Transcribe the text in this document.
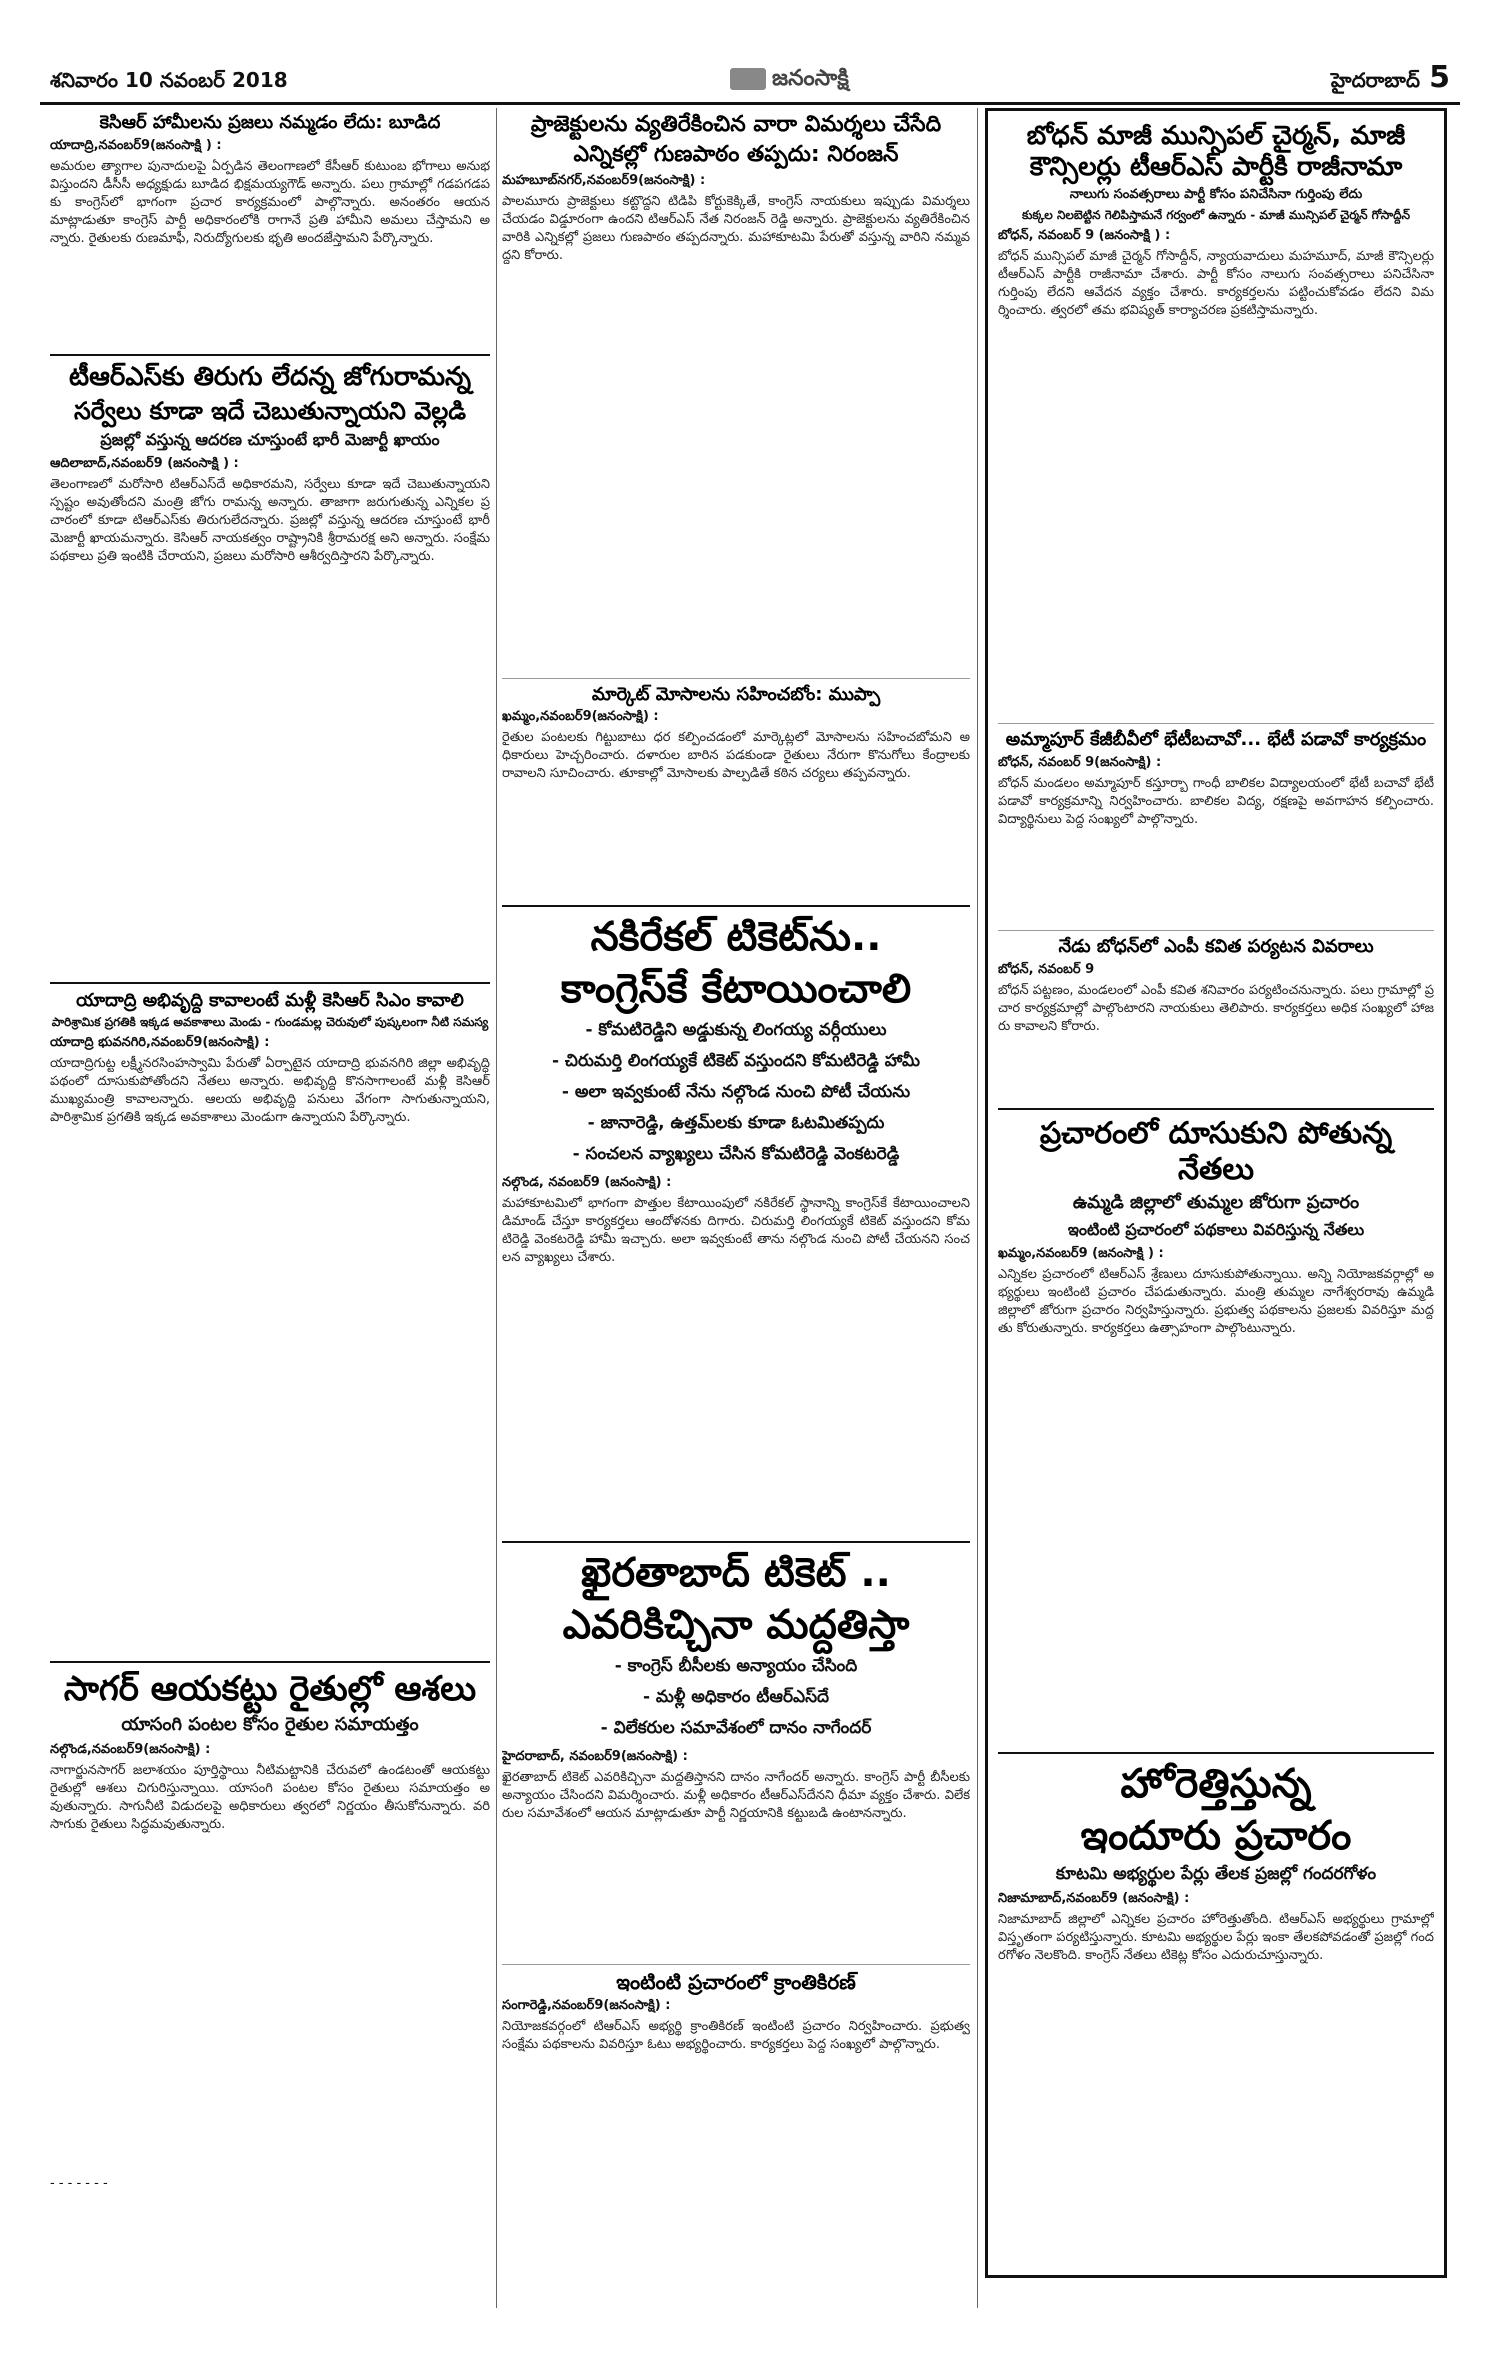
శనివారం 10 నవంబర్ 2018	జనంసాక్షి	హైదరాబాద్ 5
కెసిఆర్ హామీలను ప్రజలు నమ్మడం లేదు: బూడిద
యాదాద్రి,నవంబర్‌9(జనంసాక్షి ) :
అమరుల త్యాగాల పునాదులపై ఏర్పడిన తెలంగాణలో కేసీఆర్ కుటుంబ భోగాలు అనుభవిస్తుందని డీసీసీ అధ్యక్షుడు బూడిద భిక్షమయ్యగౌడ్ అన్నారు. పలు గ్రామాల్లో గడపగడపకు కాంగ్రెస్‌లో భాగంగా ప్రచార కార్యక్రమంలో పాల్గొన్నారు. అనంతరం ఆయన మాట్లాడుతూ కాంగ్రెస్ పార్టీ అధికారంలోకి రాగానే ప్రతి హామీని అమలు చేస్తామని అన్నారు. రైతులకు రుణమాఫీ, నిరుద్యోగులకు భృతి అందజేస్తామని పేర్కొన్నారు.
టీఆర్ఎస్‌కు తిరుగు లేదన్న జోగురామన్న
సర్వేలు కూడా ఇదే చెబుతున్నాయని వెల్లడి
ప్రజల్లో వస్తున్న ఆదరణ చూస్తుంటే భారీ మెజార్టీ ఖాయం
ఆదిలాబాద్,నవంబర్‌9 (జనంసాక్షి ) :
తెలంగాణలో మరోసారి టిఆర్ఎస్‌దే అధికారమని, సర్వేలు కూడా ఇదే చెబుతున్నాయని స్పష్టం అవుతోందని మంత్రి జోగు రామన్న అన్నారు. తాజాగా జరుగుతున్న ఎన్నికల ప్రచారంలో కూడా టిఆర్ఎస్‌కు తిరుగులేదన్నారు. ప్రజల్లో వస్తున్న ఆదరణ చూస్తుంటే భారీ మెజార్టీ ఖాయమన్నారు. కెసిఆర్ నాయకత్వం రాష్ట్రానికి శ్రీరామరక్ష అని అన్నారు. సంక్షేమ పథకాలు ప్రతి ఇంటికి చేరాయని, ప్రజలు మరోసారి ఆశీర్వదిస్తారని పేర్కొన్నారు.
యాదాద్రి అభివృద్ది కావాలంటే మళ్లీ కెసిఆర్ సిఎం కావాలి
పారిశ్రామిక ప్రగతికి ఇక్కడ అవకాశాలు మెండు - గుండమల్ల చెరువులో పుష్కలంగా నీటి సమస్య
యాదాద్రి భువనగిరి,నవంబర్‌9(జనంసాక్షి) :
యాదాద్రిగుట్ట లక్ష్మీనరసింహస్వామి పేరుతో ఏర్పాటైన యాదాద్రి భువనగిరి జిల్లా అభివృద్ధి పథంలో దూసుకుపోతోందని నేతలు అన్నారు. అభివృద్ది కొనసాగాలంటే మళ్లీ కెసిఆర్ ముఖ్యమంత్రి కావాలన్నారు. ఆలయ అభివృద్ది పనులు వేగంగా సాగుతున్నాయని, పారిశ్రామిక ప్రగతికి ఇక్కడ అవకాశాలు మెండుగా ఉన్నాయని పేర్కొన్నారు.
సాగర్ ఆయకట్టు రైతుల్లో ఆశలు
యాసంగి పంటల కోసం రైతుల సమాయత్తం
నల్గొండ,నవంబర్‌9(జనంసాక్షి) :
నాగార్జునసాగర్ జలాశయం పూర్తిస్థాయి నీటిమట్టానికి చేరువలో ఉండటంతో ఆయకట్టు రైతుల్లో ఆశలు చిగురిస్తున్నాయి. యాసంగి పంటల కోసం రైతులు సమాయత్తం అవుతున్నారు. సాగునీటి విడుదలపై అధికారులు త్వరలో నిర్ణయం తీసుకోనున్నారు. వరి సాగుకు రైతులు సిద్ధమవుతున్నారు.
- - - - - - -
ప్రాజెక్టులను వ్యతిరేకించిన వారా విమర్శలు చేసేది
ఎన్నికల్లో గుణపాఠం తప్పదు: నిరంజన్
మహబూబ్‌నగర్,నవంబర్‌9(జనంసాక్షి) :
పాలమూరు ప్రాజెక్టులు కట్టొద్దని టిడిపి కోర్టుకెక్కితే, కాంగ్రెస్ నాయకులు ఇప్పుడు విమర్శలు చేయడం విడ్డూరంగా ఉందని టిఆర్ఎస్ నేత నిరంజన్ రెడ్డి అన్నారు. ప్రాజెక్టులను వ్యతిరేకించిన వారికి ఎన్నికల్లో ప్రజలు గుణపాఠం తప్పదన్నారు. మహాకూటమి పేరుతో వస్తున్న వారిని నమ్మవద్దని కోరారు.
మార్కెట్ మోసాలను సహించబోం: ముప్పా
ఖమ్మం,నవంబర్‌9(జనంసాక్షి) :
రైతుల పంటలకు గిట్టుబాటు ధర కల్పించడంలో మార్కెట్లలో మోసాలను సహించబోమని అధికారులు హెచ్చరించారు. దళారుల బారిన పడకుండా రైతులు నేరుగా కొనుగోలు కేంద్రాలకు రావాలని సూచించారు. తూకాల్లో మోసాలకు పాల్పడితే కఠిన చర్యలు తప్పవన్నారు.
నకిరేకల్ టికెట్‌ను..
కాంగ్రెస్‌కే కేటాయించాలి
- కోమటిరెడ్డిని అడ్డుకున్న లింగయ్య వర్గీయులు
- చిరుమర్తి లింగయ్యకే టికెట్ వస్తుందని కోమటిరెడ్డి హామీ
- అలా ఇవ్వకుంటే నేను నల్గొండ నుంచి పోటీ చేయను
- జానారెడ్డి, ఉత్తమ్‌లకు కూడా ఓటమితప్పదు
- సంచలన వ్యాఖ్యలు చేసిన కోమటిరెడ్డి వెంకటరెడ్డి
నల్గొండ, నవంబర్‌9 (జనంసాక్షి) :
మహాకూటమిలో భాగంగా పొత్తుల కేటాయింపులో నకిరేకల్ స్థానాన్ని కాంగ్రెస్‌కే కేటాయించాలని డిమాండ్ చేస్తూ కార్యకర్తలు ఆందోళనకు దిగారు. చిరుమర్తి లింగయ్యకే టికెట్ వస్తుందని కోమటిరెడ్డి వెంకటరెడ్డి హామీ ఇచ్చారు. అలా ఇవ్వకుంటే తాను నల్గొండ నుంచి పోటీ చేయనని సంచలన వ్యాఖ్యలు చేశారు.
ఖైరతాబాద్ టికెట్ ..
ఎవరికిచ్చినా మద్దతిస్తా
- కాంగ్రెస్ బీసీలకు అన్యాయం చేసింది
- మళ్లీ అధికారం టీఆర్ఎస్‌దే
- విలేకరుల సమావేశంలో దానం నాగేందర్
హైదరాబాద్, నవంబర్‌9(జనంసాక్షి) :
ఖైరతాబాద్ టికెట్ ఎవరికిచ్చినా మద్దతిస్తానని దానం నాగేందర్ అన్నారు. కాంగ్రెస్ పార్టీ బీసీలకు అన్యాయం చేసిందని విమర్శించారు. మళ్లీ అధికారం టీఆర్ఎస్‌దేనని ధీమా వ్యక్తం చేశారు. విలేకరుల సమావేశంలో ఆయన మాట్లాడుతూ పార్టీ నిర్ణయానికి కట్టుబడి ఉంటానన్నారు.
ఇంటింటి ప్రచారంలో క్రాంతికిరణ్
సంగారెడ్డి,నవంబర్‌9(జనంసాక్షి) :
నియోజకవర్గంలో టిఆర్ఎస్ అభ్యర్థి క్రాంతికిరణ్ ఇంటింటి ప్రచారం నిర్వహించారు. ప్రభుత్వ సంక్షేమ పథకాలను వివరిస్తూ ఓటు అభ్యర్థించారు. కార్యకర్తలు పెద్ద సంఖ్యలో పాల్గొన్నారు.
బోధన్ మాజీ మున్సిపల్ చైర్మన్, మాజీ కౌన్సిలర్లు టీఆర్ఎస్ పార్టీకి రాజీనామా
నాలుగు సంవత్సరాలు పార్టీ కోసం పనిచేసినా గుర్తింపు లేదు
కుక్కల నిలబెట్టిన గెలిపిస్తామనే గర్వంలో ఉన్నారు - మాజీ మున్సిపల్ చైర్మన్ గోసాద్దీన్
బోధన్, నవంబర్ 9 (జనంసాక్షి ) :
బోధన్ మున్సిపల్ మాజీ చైర్మన్ గోసాద్దీన్, న్యాయవాదులు మహమూద్, మాజీ కౌన్సిలర్లు టీఆర్ఎస్ పార్టీకి రాజీనామా చేశారు. పార్టీ కోసం నాలుగు సంవత్సరాలు పనిచేసినా గుర్తింపు లేదని ఆవేదన వ్యక్తం చేశారు. కార్యకర్తలను పట్టించుకోవడం లేదని విమర్శించారు. త్వరలో తమ భవిష్యత్ కార్యాచరణ ప్రకటిస్తామన్నారు.
అమ్మాపూర్ కేజీబీవీలో భేటీబచావో... భేటీ పడావో కార్యక్రమం
బోధన్, నవంబర్ 9(జనంసాక్షి) :
బోధన్ మండలం అమ్మాపూర్ కస్తూర్బా గాంధీ బాలికల విద్యాలయంలో భేటీ బచావో భేటీ పడావో కార్యక్రమాన్ని నిర్వహించారు. బాలికల విద్య, రక్షణపై అవగాహన కల్పించారు. విద్యార్థినులు పెద్ద సంఖ్యలో పాల్గొన్నారు.
నేడు బోధన్‌లో ఎంపీ కవిత పర్యటన వివరాలు
బోధన్, నవంబర్ 9
బోధన్ పట్టణం, మండలంలో ఎంపీ కవిత శనివారం పర్యటించనున్నారు. పలు గ్రామాల్లో ప్రచార కార్యక్రమాల్లో పాల్గొంటారని నాయకులు తెలిపారు. కార్యకర్తలు అధిక సంఖ్యలో హాజరు కావాలని కోరారు.
ప్రచారంలో దూసుకుని పోతున్న నేతలు
ఉమ్మడి జిల్లాలో తుమ్మల జోరుగా ప్రచారం
ఇంటింటి ప్రచారంలో పథకాలు వివరిస్తున్న నేతలు
ఖమ్మం,నవంబర్‌9 (జనంసాక్షి ) :
ఎన్నికల ప్రచారంలో టిఆర్ఎస్ శ్రేణులు దూసుకుపోతున్నాయి. అన్ని నియోజకవర్గాల్లో అభ్యర్థులు ఇంటింటి ప్రచారం చేపడుతున్నారు. మంత్రి తుమ్మల నాగేశ్వరరావు ఉమ్మడి జిల్లాలో జోరుగా ప్రచారం నిర్వహిస్తున్నారు. ప్రభుత్వ పథకాలను ప్రజలకు వివరిస్తూ మద్దతు కోరుతున్నారు. కార్యకర్తలు ఉత్సాహంగా పాల్గొంటున్నారు.
హోరెత్తిస్తున్న
ఇందూరు ప్రచారం
కూటమి అభ్యర్థుల పేర్లు తేలక ప్రజల్లో గందరగోళం
నిజామాబాద్,నవంబర్‌9 (జనంసాక్షి) :
నిజామాబాద్ జిల్లాలో ఎన్నికల ప్రచారం హోరెత్తుతోంది. టిఆర్ఎస్ అభ్యర్థులు గ్రామాల్లో విస్తృతంగా పర్యటిస్తున్నారు. కూటమి అభ్యర్థుల పేర్లు ఇంకా తేలకపోవడంతో ప్రజల్లో గందరగోళం నెలకొంది. కాంగ్రెస్ నేతలు టికెట్ల కోసం ఎదురుచూస్తున్నారు.
